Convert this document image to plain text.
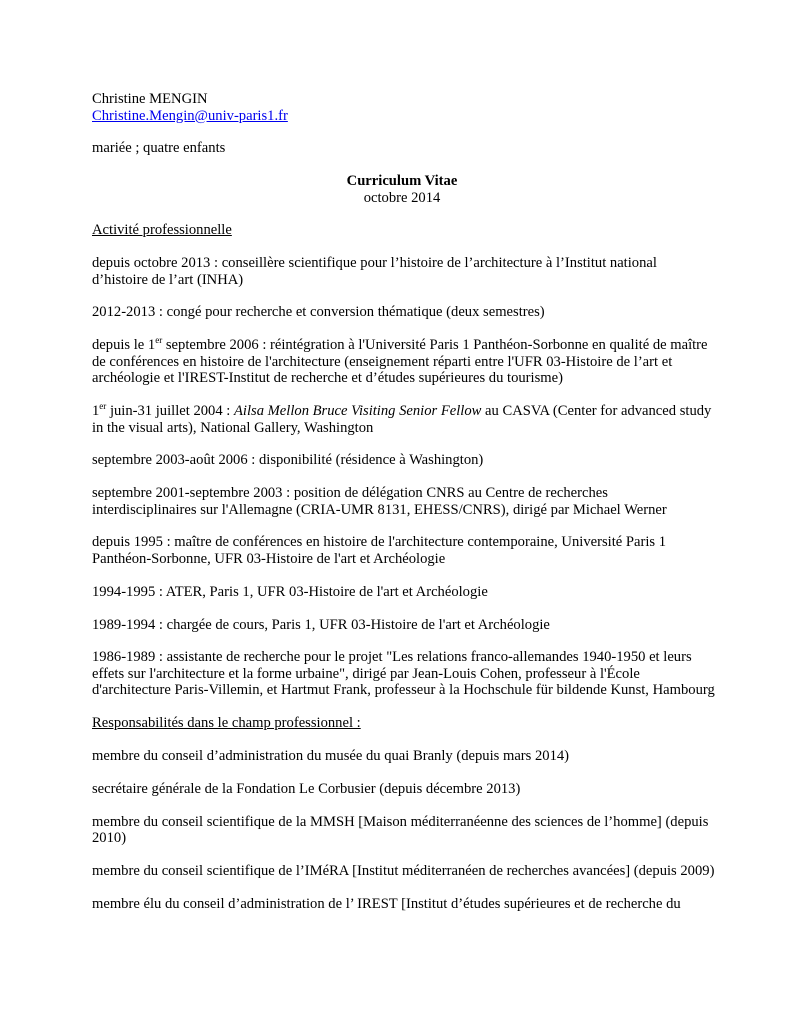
Christine MENGIN

Christine.Mengin@univ-paris1.fr

mariée ; quatre enfants

Curriculum Vitae

octobre 2014

Activité professionnelle

depuis octobre 2013 : conseillère scientifique pour l’histoire de l’architecture à l’Institut national

d’histoire de l’art (INHA)

2012-2013 : congé pour recherche et conversion thématique (deux semestres)

depuis le 1er septembre 2006 : réintégration à l'Université Paris 1 Panthéon-Sorbonne en qualité de maître

de conférences en histoire de l'architecture (enseignement réparti entre l'UFR 03-Histoire de l’art et

archéologie et l'IREST-Institut de recherche et d’études supérieures du tourisme)

1er juin-31 juillet 2004 : Ailsa Mellon Bruce Visiting Senior Fellow au CASVA (Center for advanced study

in the visual arts), National Gallery, Washington

septembre 2003-août 2006 : disponibilité (résidence à Washington)

septembre 2001-septembre 2003 : position de délégation CNRS au Centre de recherches

interdisciplinaires sur l'Allemagne (CRIA-UMR 8131, EHESS/CNRS), dirigé par Michael Werner

depuis 1995 : maître de conférences en histoire de l'architecture contemporaine, Université Paris 1

Panthéon-Sorbonne, UFR 03-Histoire de l'art et Archéologie

1994-1995 : ATER, Paris 1, UFR 03-Histoire de l'art et Archéologie

1989-1994 : chargée de cours, Paris 1, UFR 03-Histoire de l'art et Archéologie

1986-1989 : assistante de recherche pour le projet "Les relations franco-allemandes 1940-1950 et leurs

effets sur l'architecture et la forme urbaine", dirigé par Jean-Louis Cohen, professeur à l'École

d'architecture Paris-Villemin, et Hartmut Frank, professeur à la Hochschule für bildende Kunst, Hambourg

Responsabilités dans le champ professionnel :

membre du conseil d’administration du musée du quai Branly (depuis mars 2014)

secrétaire générale de la Fondation Le Corbusier (depuis décembre 2013)

membre du conseil scientifique de la MMSH [Maison méditerranéenne des sciences de l’homme] (depuis

2010)

membre du conseil scientifique de l’IMéRA [Institut méditerranéen de recherches avancées] (depuis 2009)

membre élu du conseil d’administration de l’ IREST [Institut d’études supérieures et de recherche du
